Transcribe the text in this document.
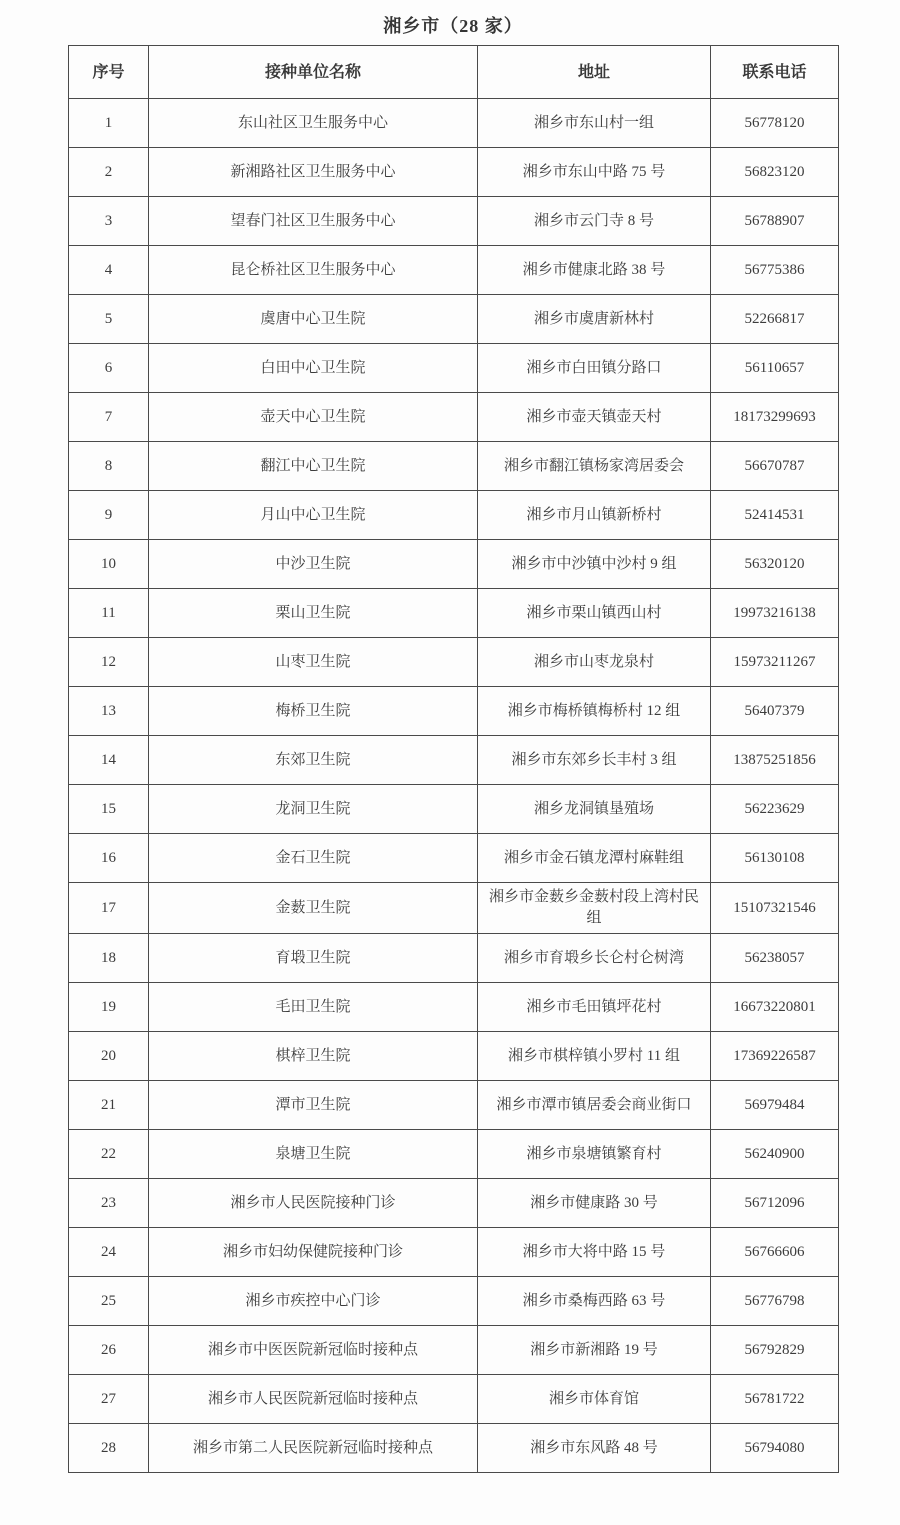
湘乡市（28 家）
序号	接种单位名称	地址	联系电话
1	东山社区卫生服务中心	湘乡市东山村一组	56778120
2	新湘路社区卫生服务中心	湘乡市东山中路 75 号	56823120
3	望春门社区卫生服务中心	湘乡市云门寺 8 号	56788907
4	昆仑桥社区卫生服务中心	湘乡市健康北路 38 号	56775386
5	虞唐中心卫生院	湘乡市虞唐新林村	52266817
6	白田中心卫生院	湘乡市白田镇分路口	56110657
7	壶天中心卫生院	湘乡市壶天镇壶天村	18173299693
8	翻江中心卫生院	湘乡市翻江镇杨家湾居委会	56670787
9	月山中心卫生院	湘乡市月山镇新桥村	52414531
10	中沙卫生院	湘乡市中沙镇中沙村 9 组	56320120
11	栗山卫生院	湘乡市栗山镇西山村	19973216138
12	山枣卫生院	湘乡市山枣龙泉村	15973211267
13	梅桥卫生院	湘乡市梅桥镇梅桥村 12 组	56407379
14	东郊卫生院	湘乡市东郊乡长丰村 3 组	13875251856
15	龙洞卫生院	湘乡龙洞镇垦殖场	56223629
16	金石卫生院	湘乡市金石镇龙潭村麻鞋组	56130108
17	金薮卫生院	湘乡市金薮乡金薮村段上湾村民组	15107321546
18	育塅卫生院	湘乡市育塅乡长仑村仑树湾	56238057
19	毛田卫生院	湘乡市毛田镇坪花村	16673220801
20	棋梓卫生院	湘乡市棋梓镇小罗村 11 组	17369226587
21	潭市卫生院	湘乡市潭市镇居委会商业街口	56979484
22	泉塘卫生院	湘乡市泉塘镇繁育村	56240900
23	湘乡市人民医院接种门诊	湘乡市健康路 30 号	56712096
24	湘乡市妇幼保健院接种门诊	湘乡市大将中路 15 号	56766606
25	湘乡市疾控中心门诊	湘乡市桑梅西路 63 号	56776798
26	湘乡市中医医院新冠临时接种点	湘乡市新湘路 19 号	56792829
27	湘乡市人民医院新冠临时接种点	湘乡市体育馆	56781722
28	湘乡市第二人民医院新冠临时接种点	湘乡市东风路 48 号	56794080
